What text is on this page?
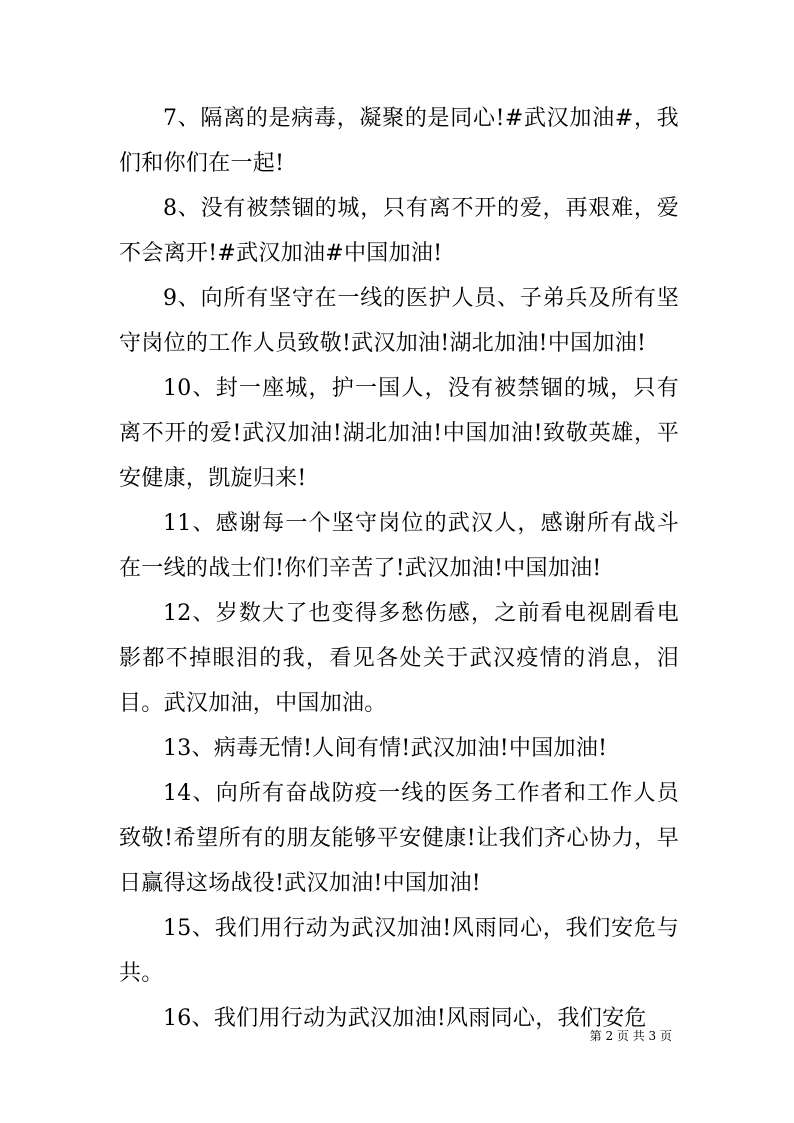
7、隔离的是病毒，凝聚的是同心!#武汉加油#，我们和你们在一起!

8、没有被禁锢的城，只有离不开的爱，再艰难，爱不会离开!#武汉加油#中国加油!

9、向所有坚守在一线的医护人员、子弟兵及所有坚守岗位的工作人员致敬!武汉加油!湖北加油!中国加油!

10、封一座城，护一国人，没有被禁锢的城，只有离不开的爱!武汉加油!湖北加油!中国加油!致敬英雄，平安健康，凯旋归来!

11、感谢每一个坚守岗位的武汉人，感谢所有战斗在一线的战士们!你们辛苦了!武汉加油!中国加油!

12、岁数大了也变得多愁伤感，之前看电视剧看电影都不掉眼泪的我，看见各处关于武汉疫情的消息，泪目。武汉加油，中国加油。

13、病毒无情!人间有情!武汉加油!中国加油!

14、向所有奋战防疫一线的医务工作者和工作人员致敬!希望所有的朋友能够平安健康!让我们齐心协力，早日赢得这场战役!武汉加油!中国加油!

15、我们用行动为武汉加油!风雨同心，我们安危与共。

16、我们用行动为武汉加油!风雨同心，我们安危

第 2 页 共 3 页
